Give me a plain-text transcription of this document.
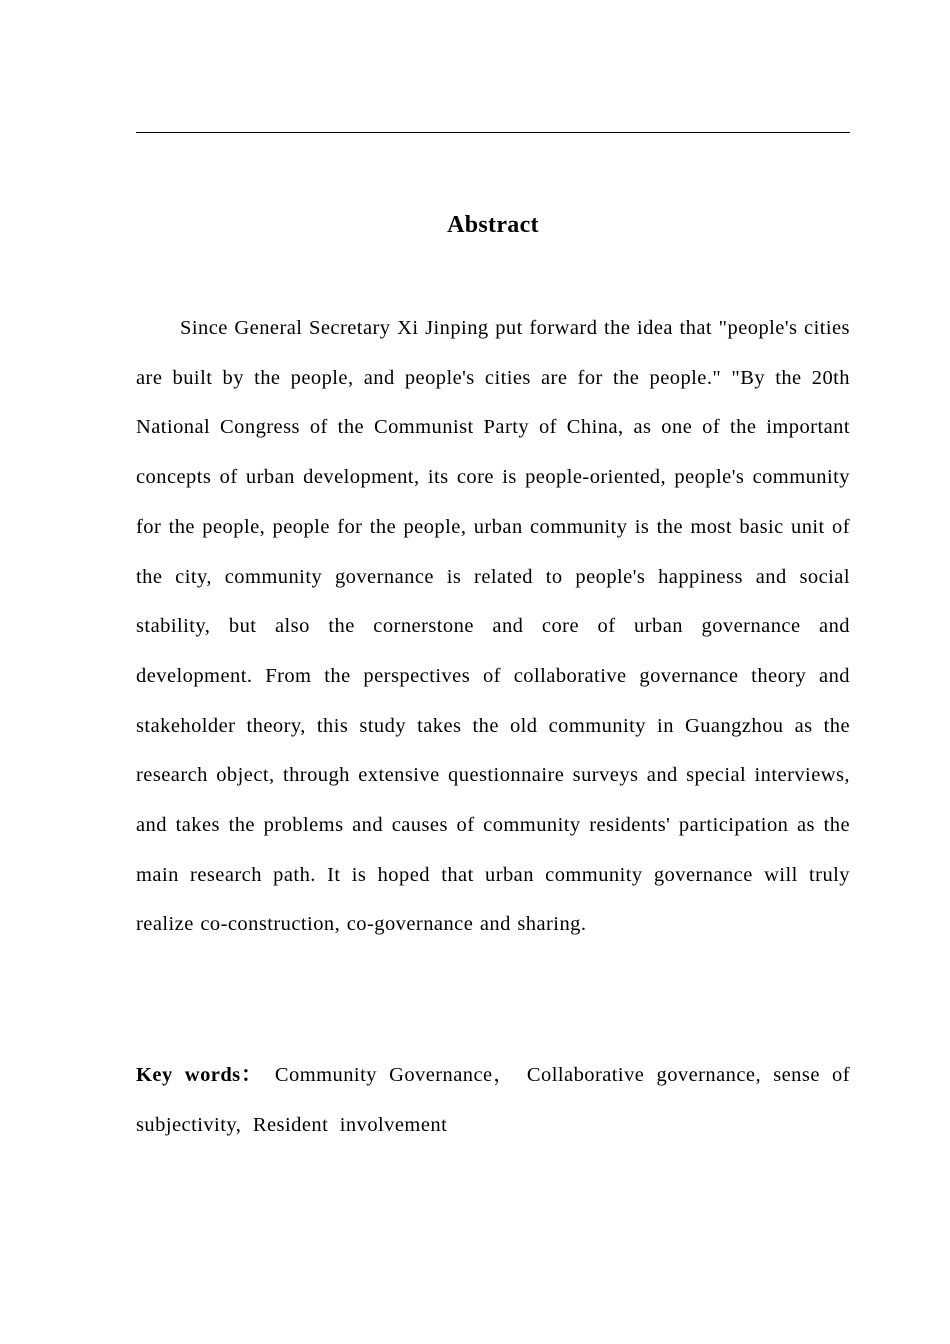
Abstract

Since General Secretary Xi Jinping put forward the idea that "people's cities are built by the people, and people's cities are for the people." "By the 20th National Congress of the Communist Party of China, as one of the important concepts of urban development, its core is people-oriented, people's community for the people, people for the people, urban community is the most basic unit of the city, community governance is related to people's happiness and social stability, but also the cornerstone and core of urban governance and development. From the perspectives of collaborative governance theory and stakeholder theory, this study takes the old community in Guangzhou as the research object, through extensive questionnaire surveys and special interviews, and takes the problems and causes of community residents' participation as the main research path. It is hoped that urban community governance will truly realize co-construction, co-governance and sharing.

Key words： Community Governance， Collaborative governance, sense of subjectivity, Resident involvement
